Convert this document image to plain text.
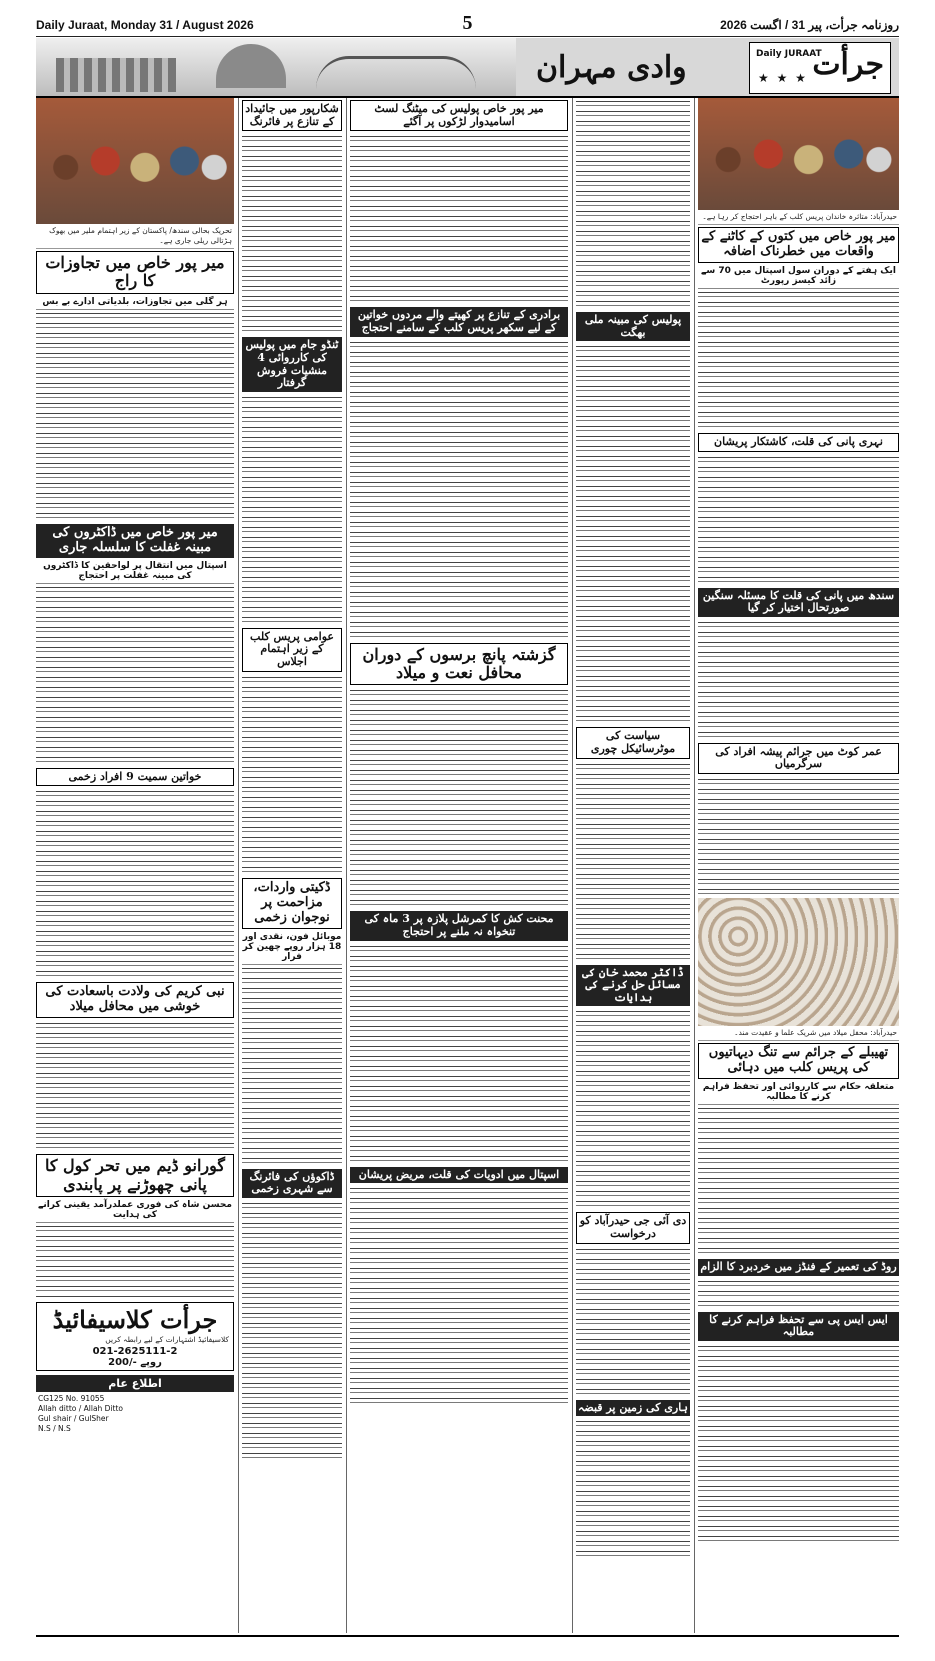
Daily Juraat, Monday 31 / August 2026	5	روزنامہ جرأت، پیر 31 / اگست 2026
وادی مہران	جرأت
Daily JURAAT
★ ★ ★
تحریک بحالی سندھ/ پاکستان کے زیر اہتمام ملیر میں بھوک ہڑتالی ریلی جاری ہے۔
میر پور خاص میں تجاوزات کا راج
ہر گلی میں تجاوزات، بلدیاتی ادارے بے بس
میر پور خاص میں ڈاکٹروں کی مبینہ غفلت کا سلسلہ جاری
اسپتال میں انتقال پر لواحقین کا ڈاکٹروں کی مبینہ غفلت پر احتجاج
خواتین سمیت 9 افراد زخمی
نبی کریم کی ولادت باسعادت کی خوشی میں محافل میلاد
گورانو ڈیم میں تحر کول کا پانی چھوڑنے پر پابندی
محسن شاہ کی فوری عملدرآمد یقینی کرانے کی ہدایت
جرأت کلاسیفائیڈ
کلاسیفائیڈ اشتہارات کے لیے رابطہ کریں
021-2625111-2
200/- روپے
اطلاع عام
CG125 No. 91055
Allah ditto / Allah Ditto
Gul shair / GulSher
N.S / N.S
شکارپور میں جائیداد کے تنازع پر فائرنگ
ٹنڈو جام میں پولیس کی کارروائی 4 منشیات فروش گرفتار
عوامی پریس کلب کے زیر اہتمام اجلاس
ڈکیتی واردات، مزاحمت پر نوجوان زخمی
موبائل فون، نقدی اور 18 ہزار روپے چھین کر فرار
ڈاکوؤں کی فائرنگ سے شہری زخمی
میر پور خاص پولیس کی میٹنگ لسٹ اسامیدوار لڑکوں پر آگئے
برادری کے تنازع پر کھیتے والے مردوں خواتین کے لیے سکھر پریس کلب کے سامنے احتجاج
گزشتہ پانچ برسوں کے دوران محافل نعت و میلاد
محنت کش کا کمرشل پلازہ پر 3 ماہ کی تنخواہ نہ ملنے پر احتجاج
اسپتال میں ادویات کی قلت، مریض پریشان
پولیس کی مبینہ ملی بھگت
سیاست کی موٹرسائیکل چوری
ڈاکٹر محمد خان کی مسائل حل کرنے کی ہدایات
دی آئی جی حیدرآباد کو درخواست
ہاری کی زمین پر قبضہ
حیدرآباد: متاثرہ خاندان پریس کلب کے باہر احتجاج کر رہا ہے۔
میر پور خاص میں کتوں کے کاٹنے کے واقعات میں خطرناک اضافہ
ایک ہفتے کے دوران سول اسپتال میں 70 سے زائد کیسز رپورٹ
نہری پانی کی قلت، کاشتکار پریشان
سندھ میں پانی کی قلت کا مسئلہ سنگین صورتحال اختیار کر گیا
عمر کوٹ میں جرائم پیشہ افراد کی سرگرمیاں
حیدرآباد: محفل میلاد میں شریک علما و عقیدت مند۔
تھیبلے کے جرائم سے تنگ دیہاتیوں کی پریس کلب میں دہائی
متعلقہ حکام سے کارروائی اور تحفظ فراہم کرنے کا مطالبہ
روڈ کی تعمیر کے فنڈز میں خردبرد کا الزام
ایس ایس پی سے تحفظ فراہم کرنے کا مطالبہ
